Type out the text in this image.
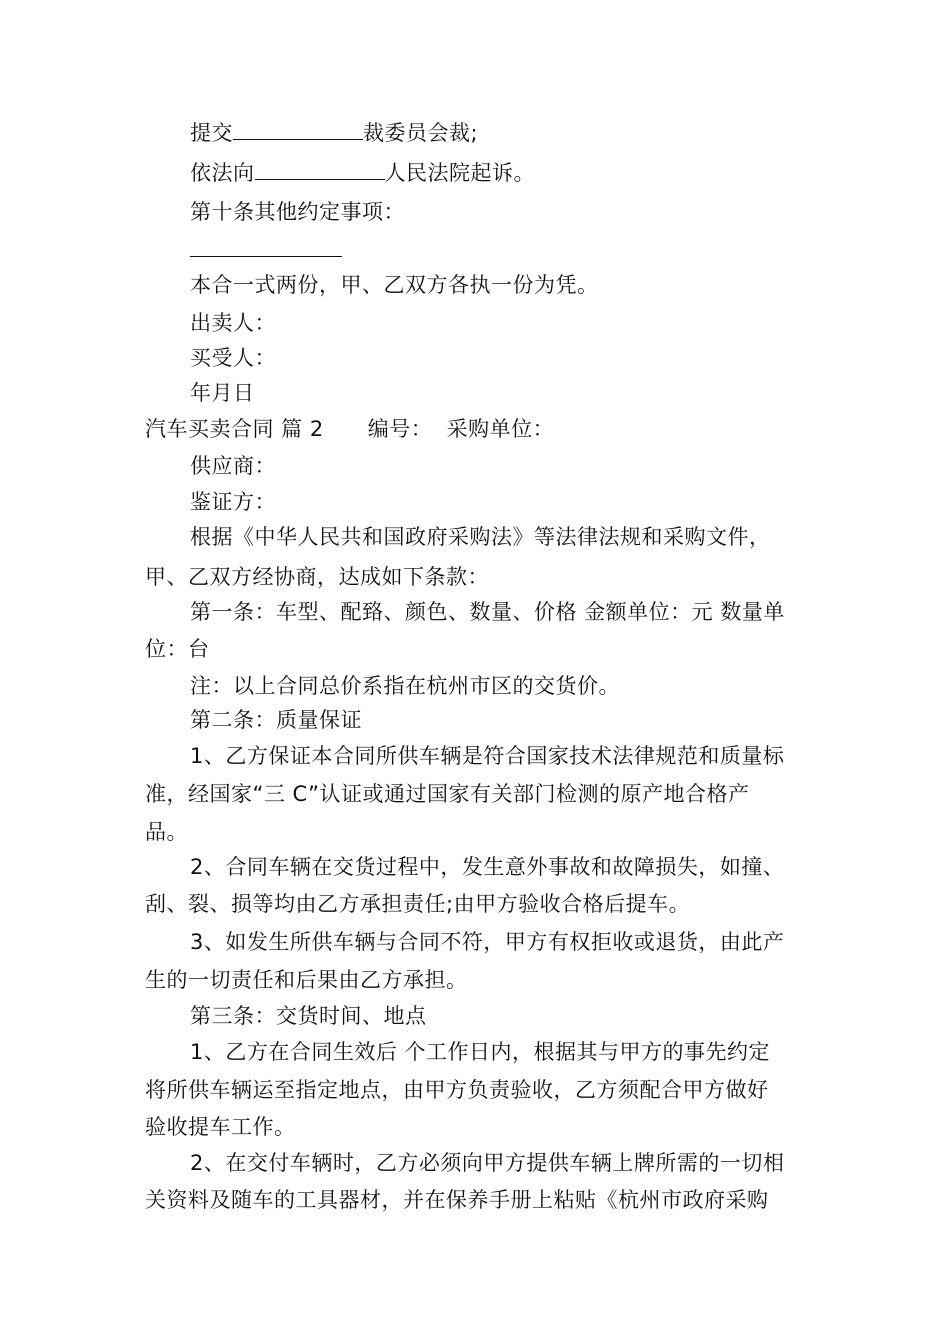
提交	裁委员会裁;
依法向	人民法院起诉。
第十条其他约定事项：
本合一式两份，甲、乙双方各执一份为凭。
出卖人：
买受人：
年月日
汽车买卖合同 篇 2 编号： 采购单位：
供应商：
鉴证方：
根据《中华人民共和国政府采购法》等法律法规和采购文件，
甲、乙双方经协商，达成如下条款：
第一条：车型、配臵、颜色、数量、价格 金额单位：元 数量单
位：台
注：以上合同总价系指在杭州市区的交货价。
第二条：质量保证
1、乙方保证本合同所供车辆是符合国家技术法律规范和质量标
准，经国家“三 C”认证或通过国家有关部门检测的原产地合格产
品。
2、合同车辆在交货过程中，发生意外事故和故障损失，如撞、
刮、裂、损等均由乙方承担责任;由甲方验收合格后提车。
3、如发生所供车辆与合同不符，甲方有权拒收或退货，由此产
生的一切责任和后果由乙方承担。
第三条：交货时间、地点
1、乙方在合同生效后 个工作日内，根据其与甲方的事先约定
将所供车辆运至指定地点，由甲方负责验收，乙方须配合甲方做好
验收提车工作。
2、在交付车辆时，乙方必须向甲方提供车辆上牌所需的一切相
关资料及随车的工具器材，并在保养手册上粘贴《杭州市政府采购
